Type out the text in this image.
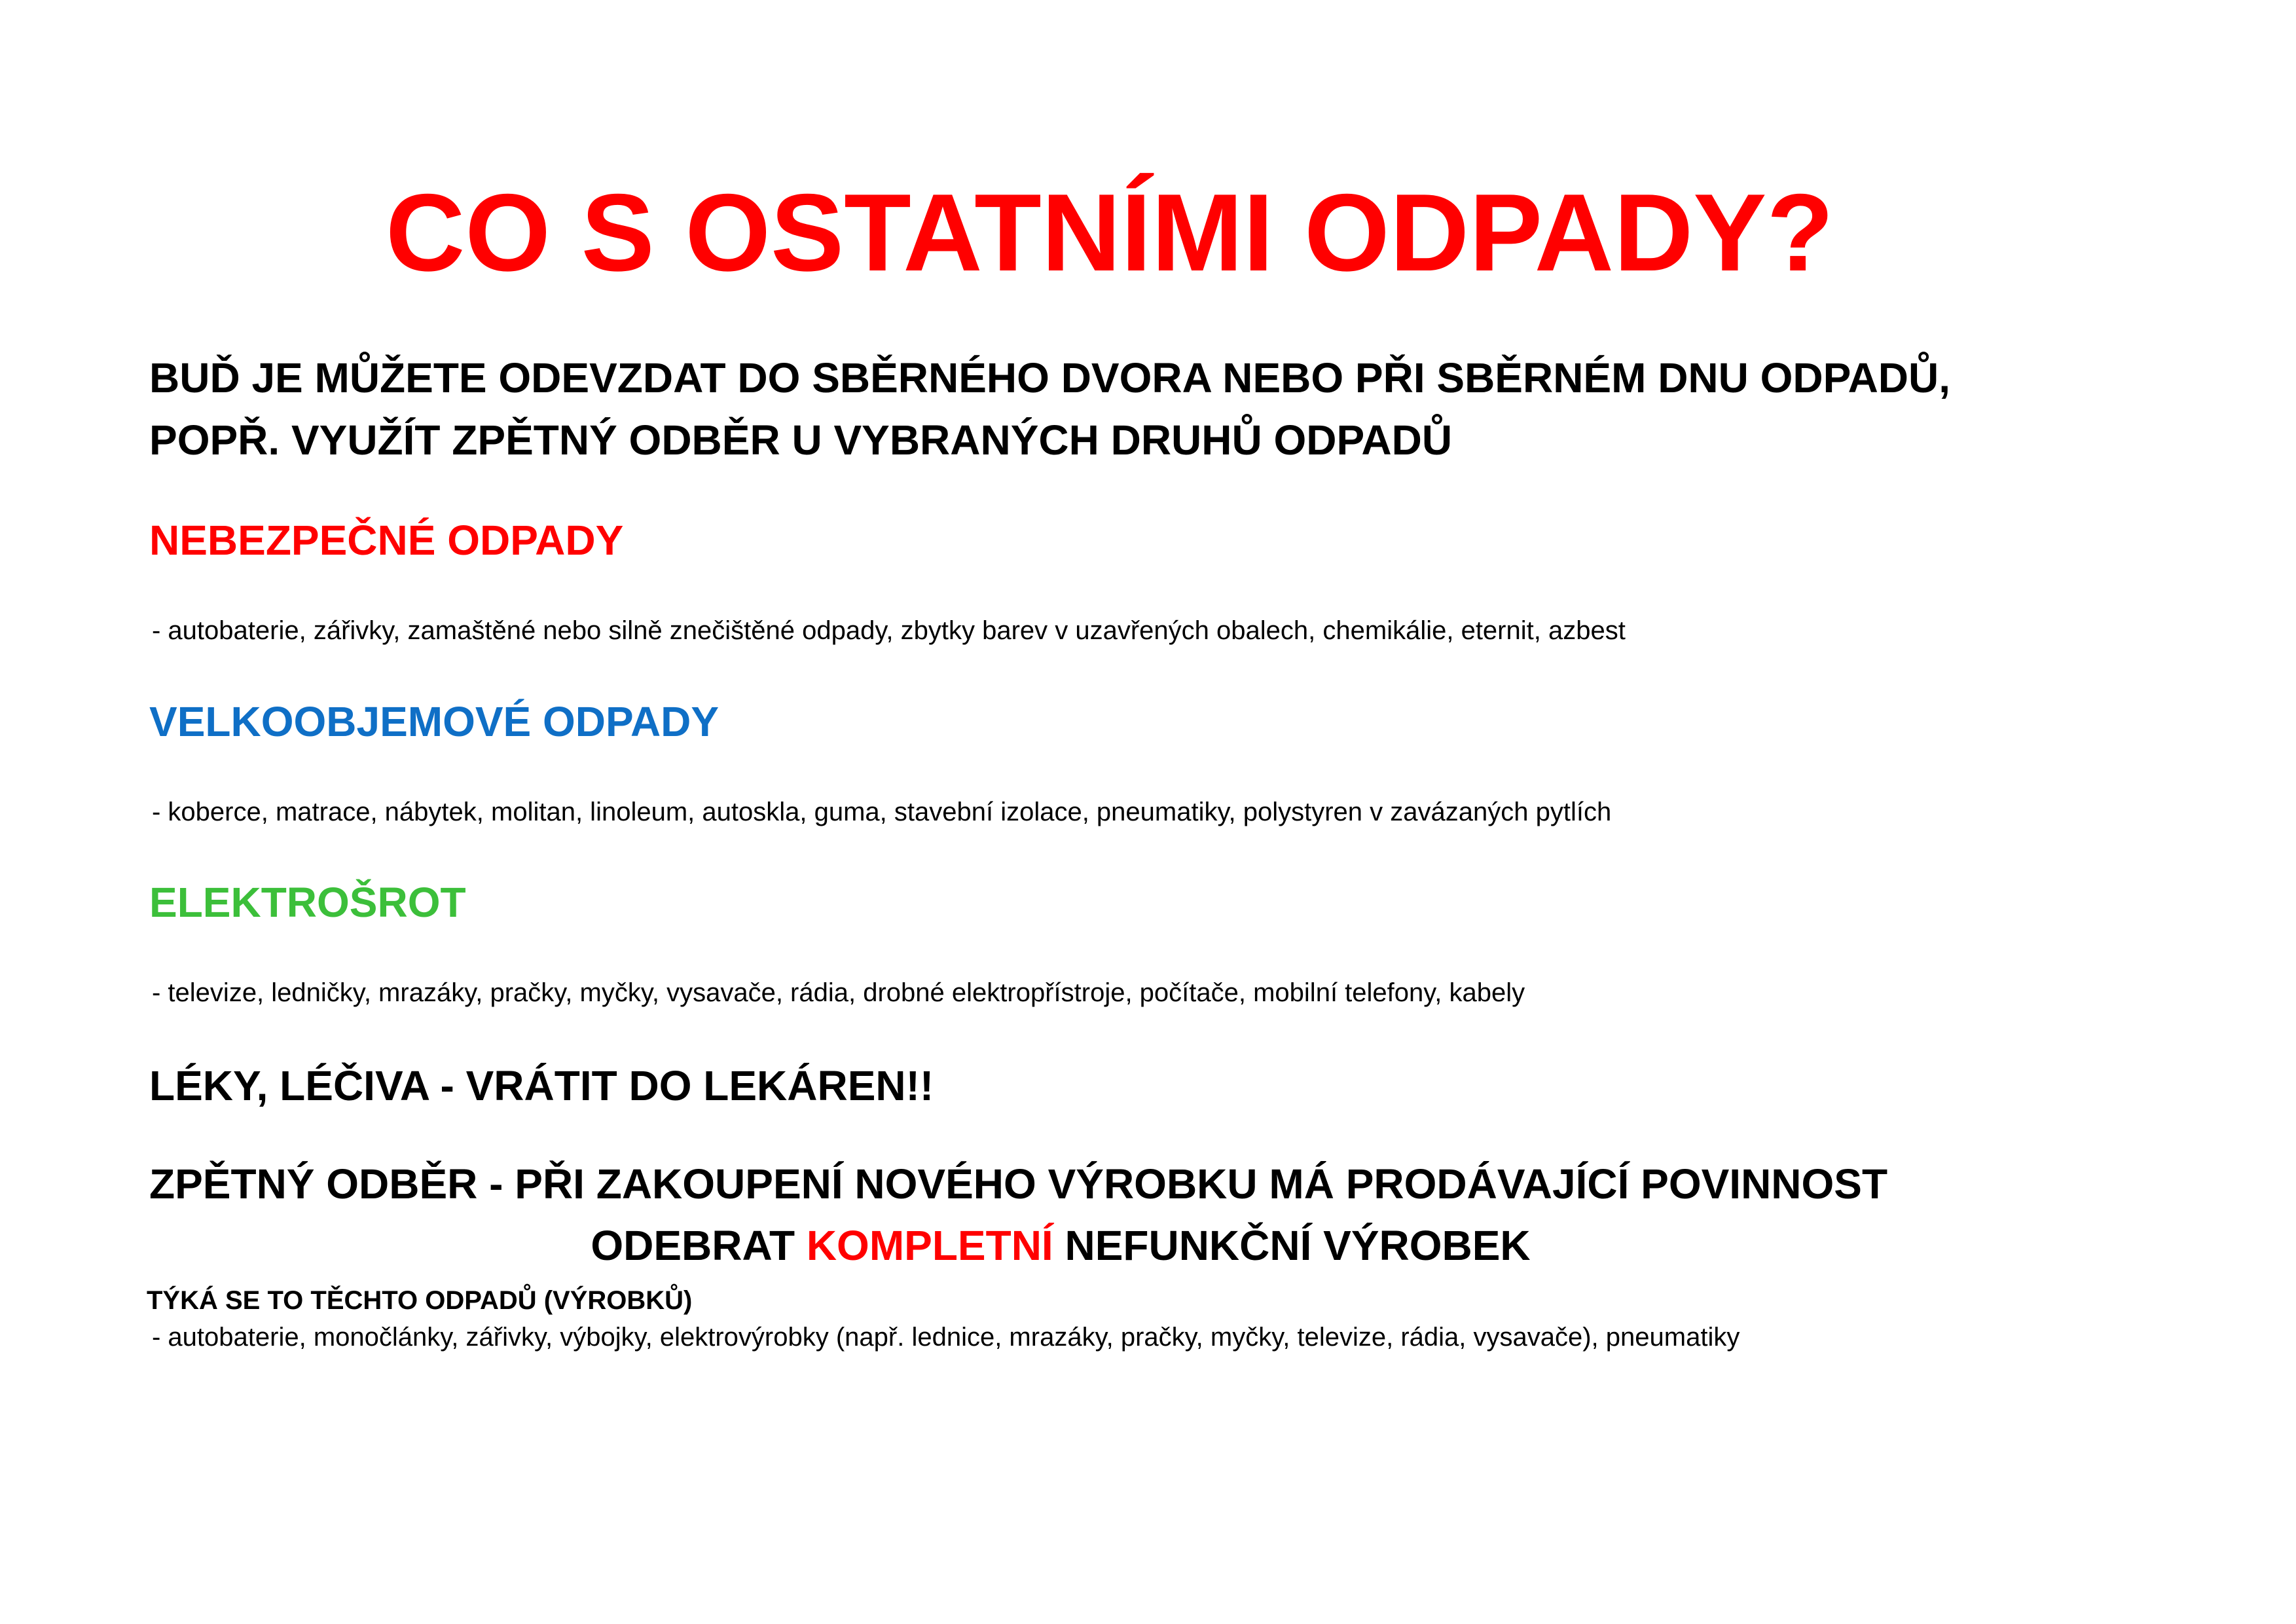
CO S OSTATNÍMI ODPADY?
BUĎ JE MŮŽETE ODEVZDAT DO SBĚRNÉHO DVORA NEBO PŘI SBĚRNÉM DNU ODPADŮ,
POPŘ. VYUŽÍT ZPĚTNÝ ODBĚR U VYBRANÝCH DRUHŮ ODPADŮ
NEBEZPEČNÉ ODPADY
- autobaterie, zářivky, zamaštěné nebo silně znečištěné odpady, zbytky barev v uzavřených obalech, chemikálie, eternit, azbest
VELKOOBJEMOVÉ ODPADY
- koberce, matrace, nábytek, molitan, linoleum, autoskla, guma, stavební izolace, pneumatiky, polystyren v zavázaných pytlích
ELEKTROŠROT
- televize, ledničky, mrazáky, pračky, myčky, vysavače, rádia, drobné elektropřístroje, počítače, mobilní telefony, kabely
LÉKY, LÉČIVA - VRÁTIT DO LEKÁREN!!
ZPĚTNÝ ODBĚR - PŘI ZAKOUPENÍ NOVÉHO VÝROBKU MÁ PRODÁVAJÍCÍ POVINNOST
ODEBRAT KOMPLETNÍ NEFUNKČNÍ VÝROBEK
TÝKÁ SE TO TĚCHTO ODPADŮ (VÝROBKŮ)
- autobaterie, monočlánky, zářivky, výbojky, elektrovýrobky (např. lednice, mrazáky, pračky, myčky, televize, rádia, vysavače), pneumatiky
